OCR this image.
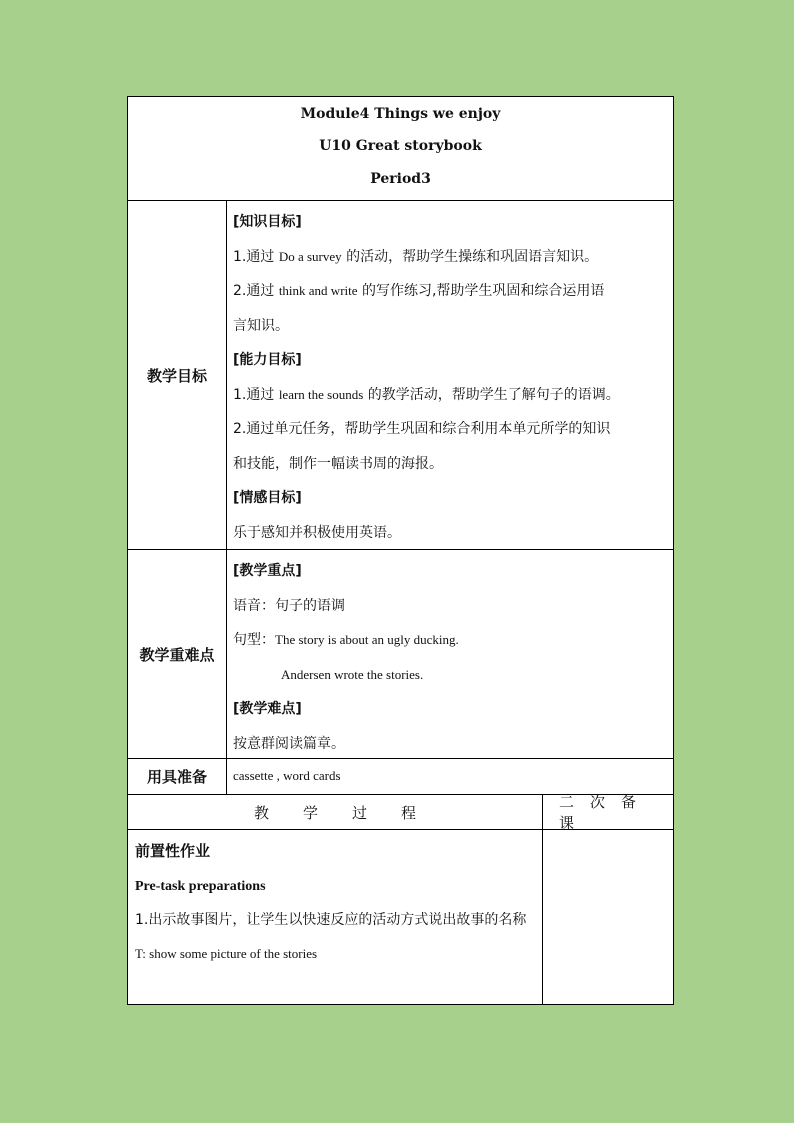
Module4 Things we enjoy
U10 Great storybook
Period3
教学目标
[知识目标]
1.通过 Do a survey 的活动，帮助学生操练和巩固语言知识。
2.通过 think and write 的写作练习,帮助学生巩固和综合运用语
言知识。
[能力目标]
1.通过 learn the sounds 的教学活动，帮助学生了解句子的语调。
2.通过单元任务，帮助学生巩固和综合利用本单元所学的知识
和技能，制作一幅读书周的海报。
[情感目标]
乐于感知并积极使用英语。
教学重难点
[教学重点]
语音：句子的语调
句型：The story is about an ugly ducking.
Andersen wrote the stories.
[教学难点]
按意群阅读篇章。
用具准备	cassette , word cards
教学过程
二次备课
前置性作业
Pre-task preparations
1.出示故事图片，让学生以快速反应的活动方式说出故事的名称
T: show some picture of the stories
